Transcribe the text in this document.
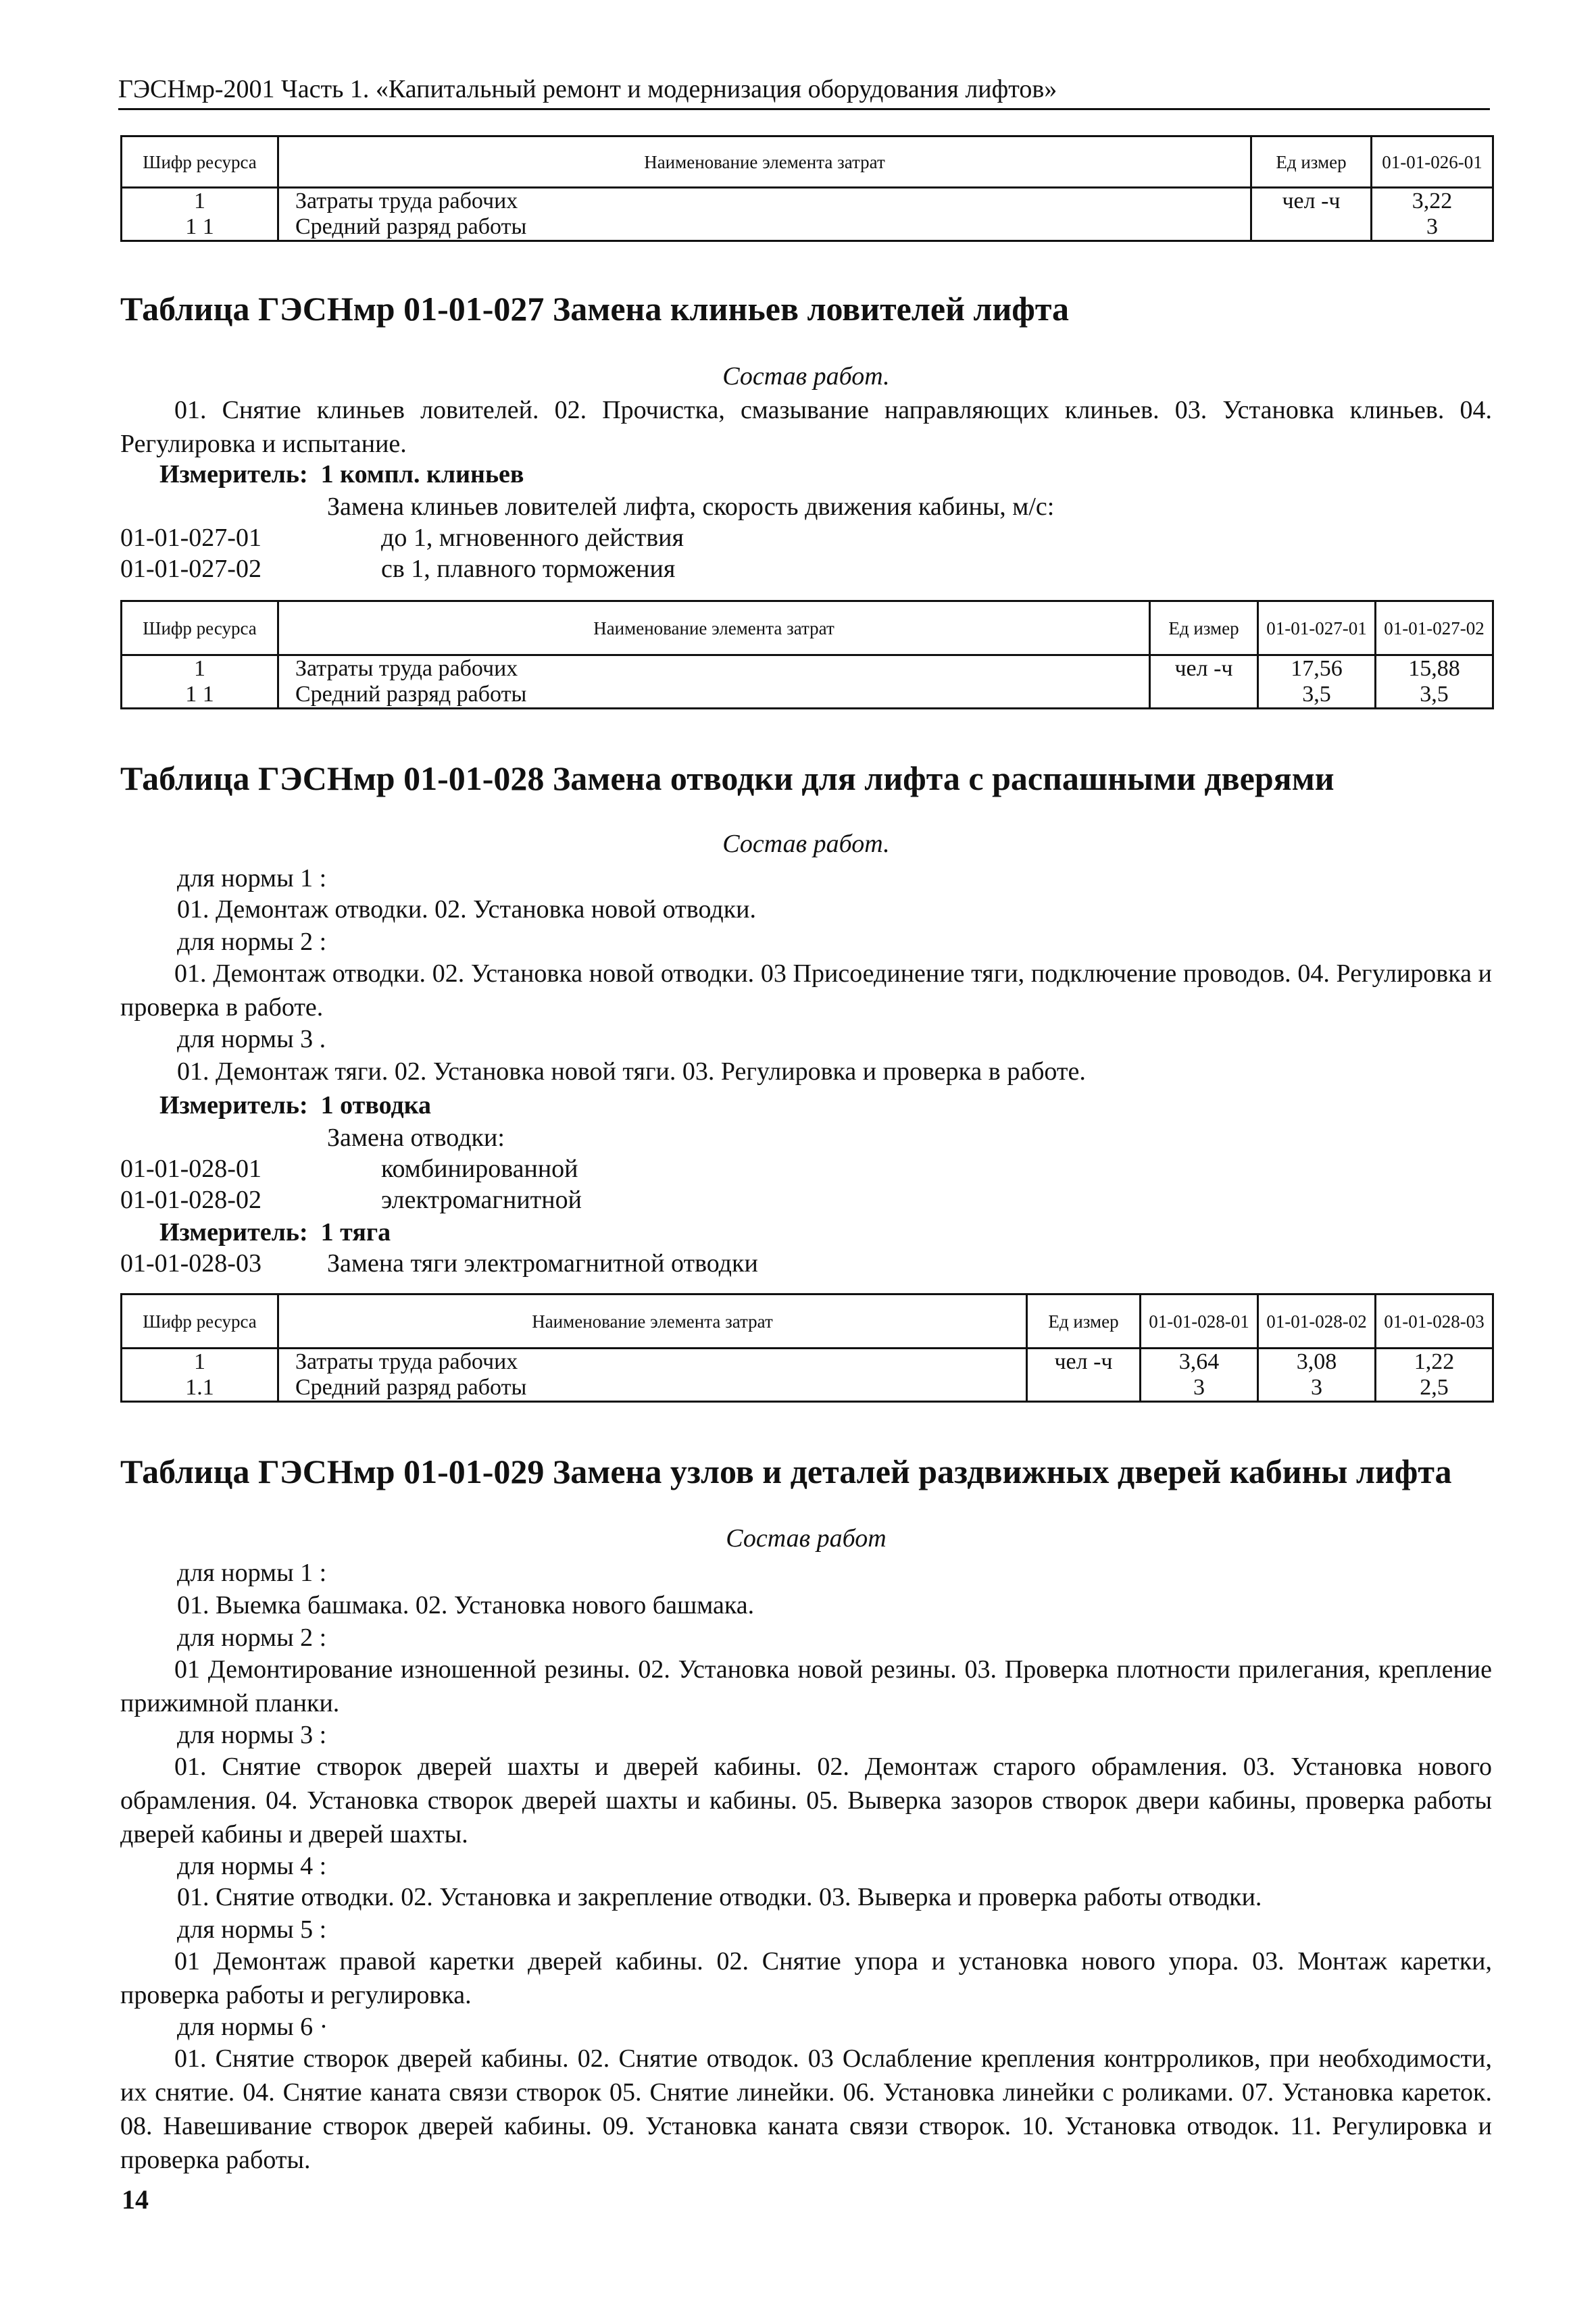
ГЭСНмр-2001 Часть 1. «Капитальный ремонт и модернизация оборудования лифтов»
Шифр ресурса	Наименование элемента затрат	Ед измер	01-01-026-01
1	Затраты труда рабочих	чел -ч	3,22
1 1	Средний разряд работы		3
Таблица ГЭСНмр 01-01-027 Замена клиньев ловителей лифта
Состав работ.
01. Снятие клиньев ловителей. 02. Прочистка, смазывание направляющих клиньев. 03. Установка клиньев. 04. Регулировка и испытание.
Измеритель: 1 компл. клиньев
Замена клиньев ловителей лифта, скорость движения кабины, м/с:
01-01-027-01	до 1, мгновенного действия
01-01-027-02	св 1, плавного торможения
Шифр ресурса	Наименование элемента затрат	Ед измер	01-01-027-01	01-01-027-02
1	Затраты труда рабочих	чел -ч	17,56	15,88
1 1	Средний разряд работы		3,5	3,5
Таблица ГЭСНмр 01-01-028 Замена отводки для лифта с распашными дверями
Состав работ.
для нормы 1 :
01. Демонтаж отводки. 02. Установка новой отводки.
для нормы 2 :
01. Демонтаж отводки. 02. Установка новой отводки. 03 Присоединение тяги, подключение проводов. 04. Регулировка и проверка в работе.
для нормы 3 .
01. Демонтаж тяги. 02. Установка новой тяги. 03. Регулировка и проверка в работе.
Измеритель: 1 отводка
Замена отводки:
01-01-028-01	комбинированной
01-01-028-02	электромагнитной
Измеритель: 1 тяга
01-01-028-03	Замена тяги электромагнитной отводки
Шифр ресурса	Наименование элемента затрат	Ед измер	01-01-028-01	01-01-028-02	01-01-028-03
1	Затраты труда рабочих	чел -ч	3,64	3,08	1,22
1.1	Средний разряд работы		3	3	2,5
Таблица ГЭСНмр 01-01-029 Замена узлов и деталей раздвижных дверей кабины лифта
Состав работ
для нормы 1 :
01. Выемка башмака. 02. Установка нового башмака.
для нормы 2 :
01 Демонтирование изношенной резины. 02. Установка новой резины. 03. Проверка плотности прилегания, крепление прижимной планки.
для нормы 3 :
01. Снятие створок дверей шахты и дверей кабины. 02. Демонтаж старого обрамления. 03. Установка нового обрамления. 04. Установка створок дверей шахты и кабины. 05. Выверка зазоров створок двери кабины, проверка работы дверей кабины и дверей шахты.
для нормы 4 :
01. Снятие отводки. 02. Установка и закрепление отводки. 03. Выверка и проверка работы отводки.
для нормы 5 :
01 Демонтаж правой каретки дверей кабины. 02. Снятие упора и установка нового упора. 03. Монтаж каретки, проверка работы и регулировка.
для нормы 6 ·
01. Снятие створок дверей кабины. 02. Снятие отводок. 03 Ослабление крепления контрроликов, при необходимости, их снятие. 04. Снятие каната связи створок 05. Снятие линейки. 06. Установка линейки с роликами. 07. Установка кареток. 08. Навешивание створок дверей кабины. 09. Установка каната связи створок. 10. Установка отводок. 11. Регулировка и проверка работы.
14
